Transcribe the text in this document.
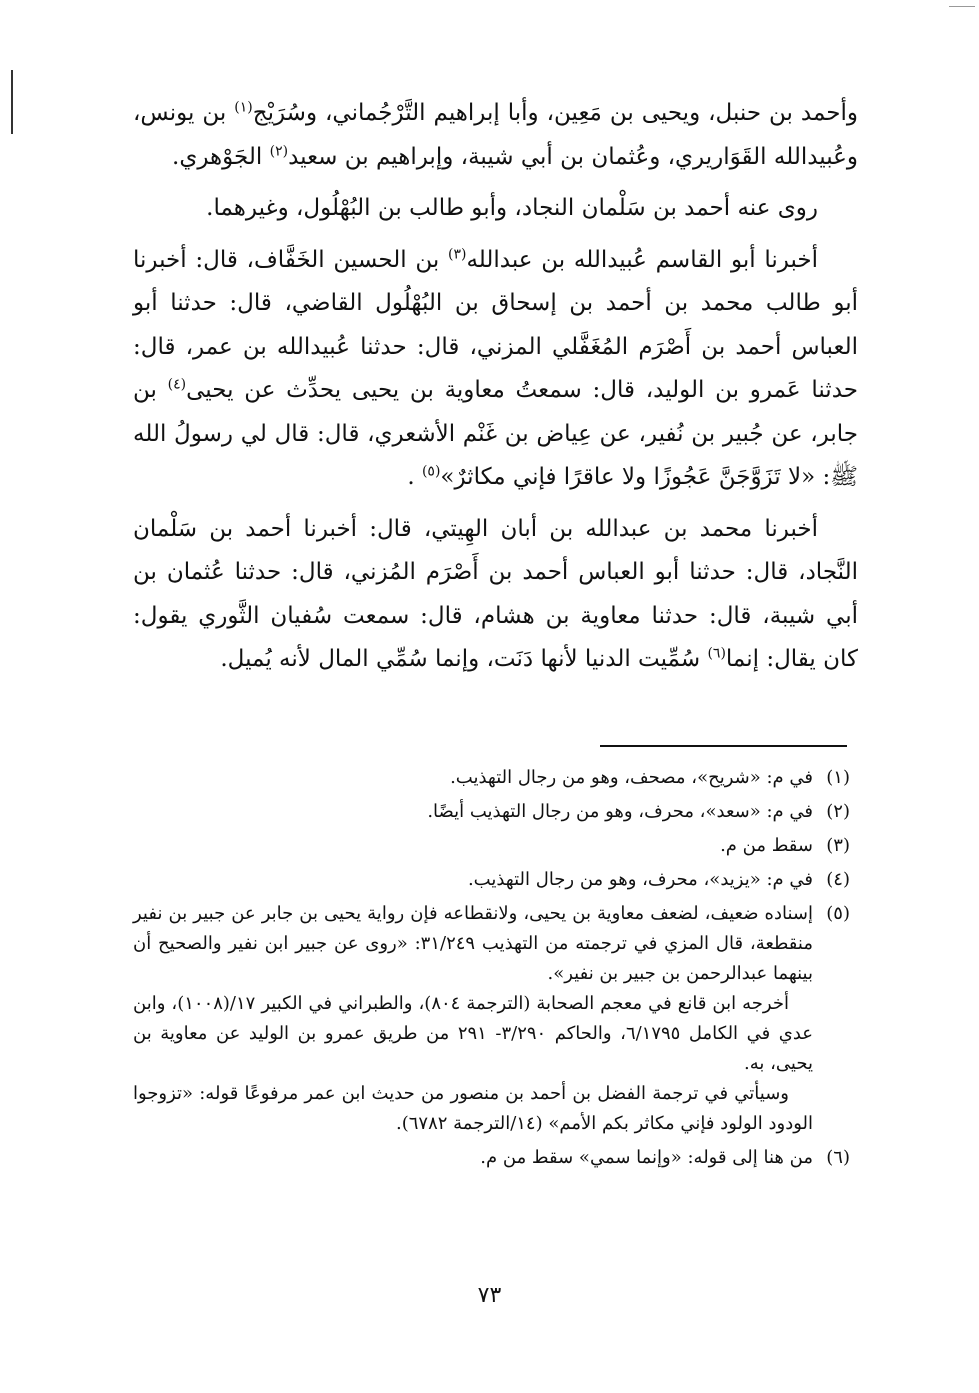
وأحمد بن حنبل، ويحيى بن مَعِين، وأبا إبراهيم التَّرْجُماني، وسُرَيْج$^{(١)}$ بن يونس، وعُبيدالله القَوَاريري، وعُثمان بن أبي شيبة، وإبراهيم بن سعيد$^{(٢)}$ الجَوْهري.

روى عنه أحمد بن سَلْمان النجاد، وأبو طالب بن البُهْلُول، وغيرهما.

أخبرنا أبو القاسم عُبيدالله بن عبدالله$^{(٣)}$ بن الحسين الخَفَّاف، قال: أخبرنا أبو طالب محمد بن أحمد بن إسحاق بن البُهْلُول القاضي، قال: حدثنا أبو العباس أحمد بن أَصْرَم المُغَفَّلي المزني، قال: حدثنا عُبيدالله بن عمر، قال: حدثنا عَمرو بن الوليد، قال: سمعتُ معاوية بن يحيى يحدِّث عن يحيى$^{(٤)}$ بن جابر، عن جُبير بن نُفير، عن عِياض بن غَنْم الأشعري، قال: قال لي رسولُ الله ﷺ: «لا تَزَوَّجَنَّ عَجُوزًا ولا عاقرًا فإني مكاثرٌ»$^{(٥)}$ .

أخبرنا محمد بن عبدالله بن أبان الهِيتي، قال: أخبرنا أحمد بن سَلْمان النَّجاد، قال: حدثنا أبو العباس أحمد بن أَصْرَم المُزني، قال: حدثنا عُثمان بن أبي شيبة، قال: حدثنا معاوية بن هشام، قال: سمعت سُفيان الثَّوري يقول: كان يقال: إنما$^{(٦)}$ سُمِّيت الدنيا لأنها دَنَت، وإنما سُمِّي المال لأنه يُميل.

(١)

في م: «شريح»، مصحف، وهو من رجال التهذيب.

(٢)

في م: «سعد»، محرف، وهو من رجال التهذيب أيضًا.

(٣)

سقط من م.

(٤)

في م: «يزيد»، محرف، وهو من رجال التهذيب.

(٥)

إسناده ضعيف، لضعف معاوية بن يحيى، ولانقطاعه فإن رواية يحيى بن جابر عن جبير بن نفير منقطعة، قال المزي في ترجمته من التهذيب ٣١/٢٤٩: «روى عن جبير ابن نفير والصحيح أن بينهما عبدالرحمن بن جبير بن نفير».

أخرجه ابن قانع في معجم الصحابة (الترجمة ٨٠٤)، والطبراني في الكبير ١٧/(١٠٠٨)، وابن عدي في الكامل ٦/١٧٩٥، والحاكم ٣/٢٩٠- ٢٩١ من طريق عمرو بن الوليد عن معاوية بن يحيى، به.

وسيأتي في ترجمة الفضل بن أحمد بن منصور من حديث ابن عمر مرفوعًا قوله: «تزوجوا الودود الولود فإني مكاثر بكم الأمم» (١٤/الترجمة ٦٧٨٢).

(٦)

من هنا إلى قوله: «وإنما سمي» سقط من م.

٧٣
